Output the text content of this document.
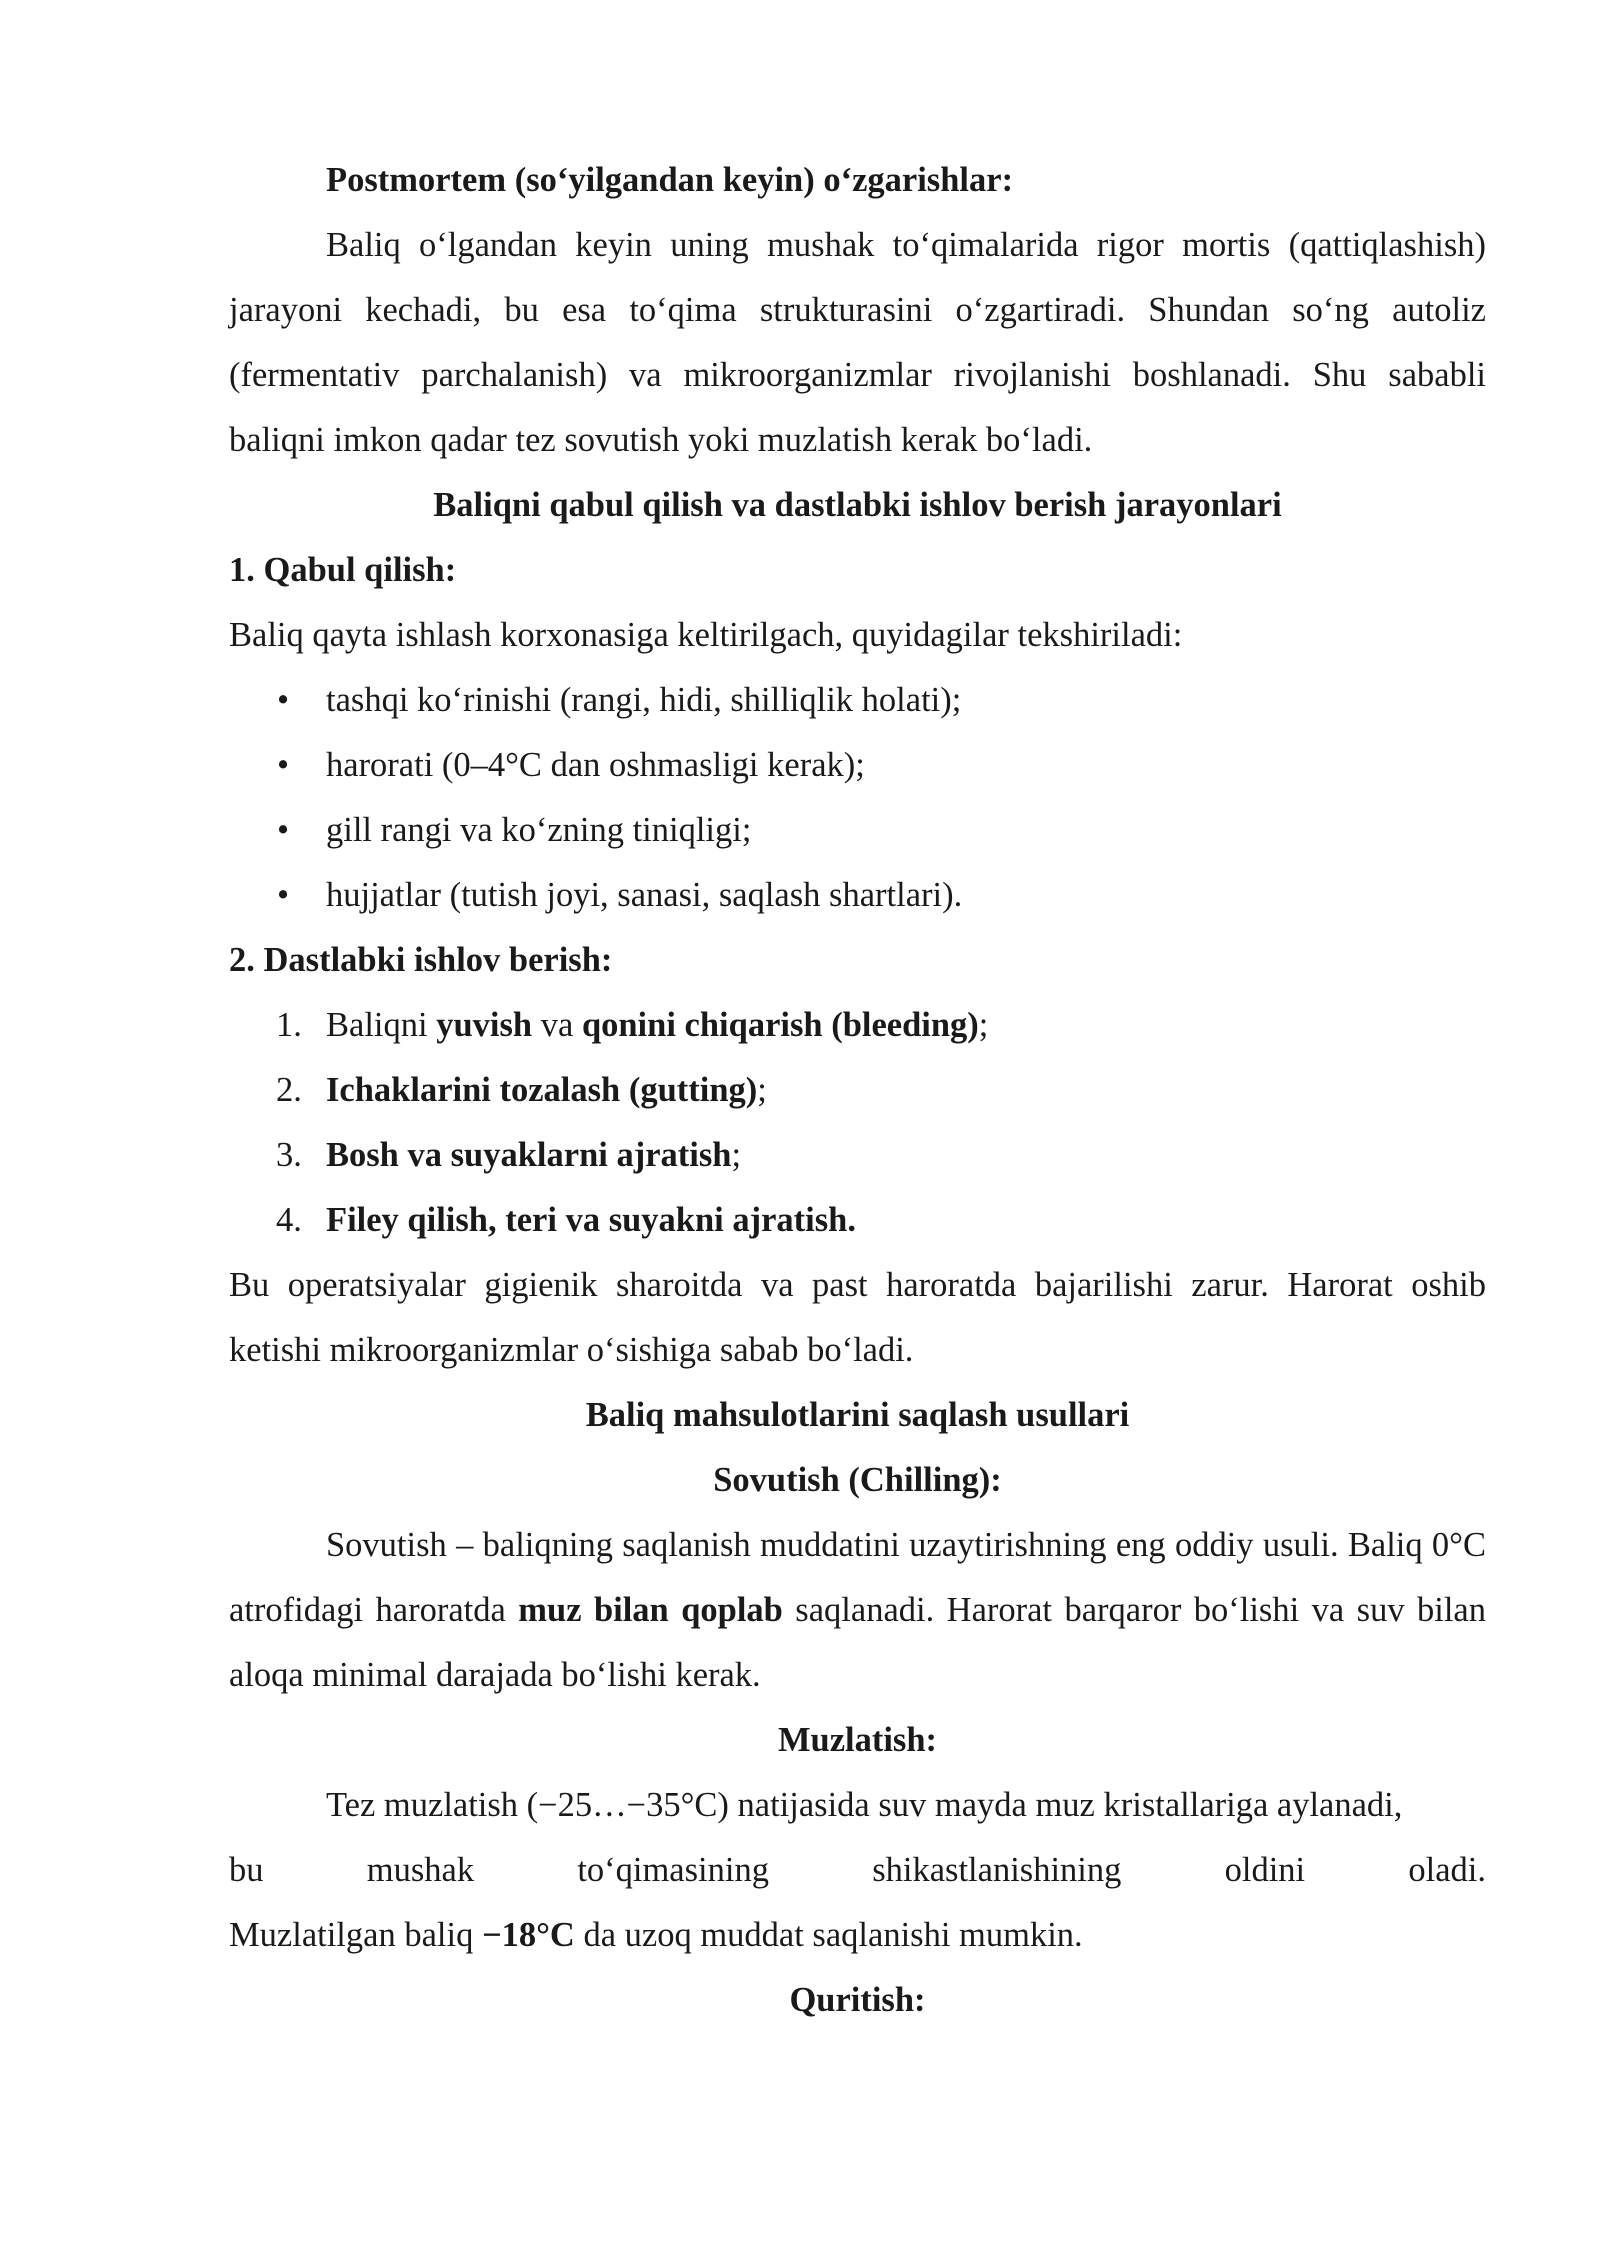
Postmortem (so‘yilgandan keyin) o‘zgarishlar:

Baliq o‘lgandan keyin uning mushak to‘qimalarida rigor mortis (qattiqlashish) jarayoni kechadi, bu esa to‘qima strukturasini o‘zgartiradi. Shundan so‘ng autoliz (fermentativ parchalanish) va mikroorganizmlar rivojlanishi boshlanadi. Shu sababli baliqni imkon qadar tez sovutish yoki muzlatish kerak bo‘ladi.

Baliqni qabul qilish va dastlabki ishlov berish jarayonlari

1. Qabul qilish:

Baliq qayta ishlash korxonasiga keltirilgach, quyidagilar tekshiriladi:

• tashqi ko‘rinishi (rangi, hidi, shilliqlik holati);
• harorati (0–4°C dan oshmasligi kerak);
• gill rangi va ko‘zning tiniqligi;
• hujjatlar (tutish joyi, sanasi, saqlash shartlari).

2. Dastlabki ishlov berish:

1. Baliqni yuvish va qonini chiqarish (bleeding);
2. Ichaklarini tozalash (gutting);
3. Bosh va suyaklarni ajratish;
4. Filey qilish, teri va suyakni ajratish.

Bu operatsiyalar gigienik sharoitda va past haroratda bajarilishi zarur. Harorat oshib ketishi mikroorganizmlar o‘sishiga sabab bo‘ladi.

Baliq mahsulotlarini saqlash usullari

Sovutish (Chilling):

Sovutish – baliqning saqlanish muddatini uzaytirishning eng oddiy usuli. Baliq 0°C atrofidagi haroratda muz bilan qoplab saqlanadi. Harorat barqaror bo‘lishi va suv bilan aloqa minimal darajada bo‘lishi kerak.

Muzlatish:

Tez muzlatish (−25…−35°C) natijasida suv mayda muz kristallariga aylanadi,

bu mushak to‘qimasining shikastlanishining oldini oladi.

Muzlatilgan baliq −18°C da uzoq muddat saqlanishi mumkin.

Quritish:
